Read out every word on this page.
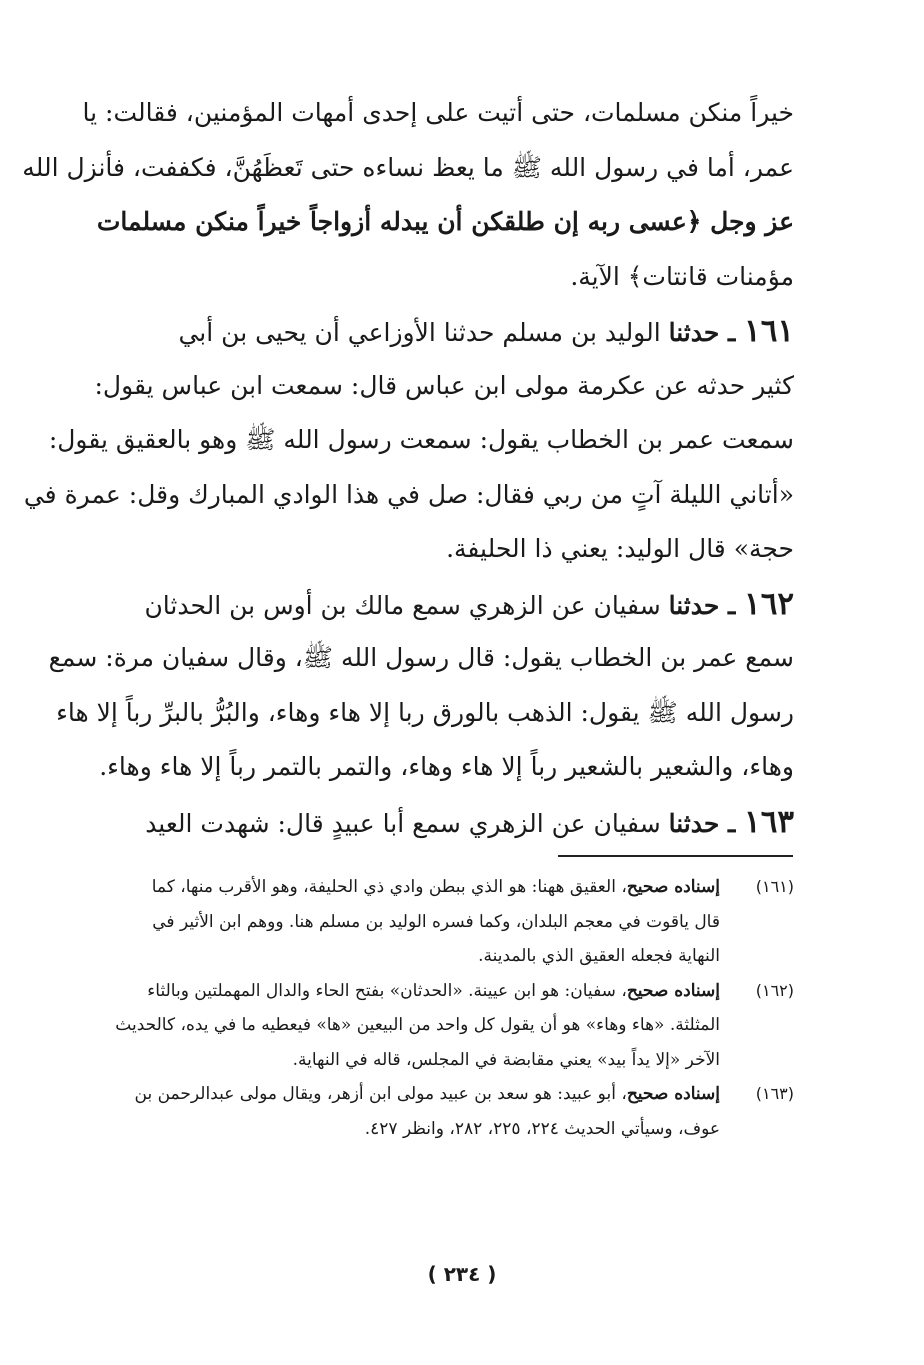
خيراً منكن مسلمات، حتى أتيت على إحدى أمهات المؤمنين، فقالت: يا
عمر، أما في رسول الله ﷺ ما يعظ نساءه حتى تَعظَهُنَّ، فكففت، فأنزل الله
عز وجل ﴿عسى ربه إن طلقكن أن يبدله أزواجاً خيراً منكن مسلمات
مؤمنات قانتات﴾ الآية.
١٦١ ـ حدثنا الوليد بن مسلم حدثنا الأوزاعي أن يحيى بن أبي
كثير حدثه عن عكرمة مولى ابن عباس قال: سمعت ابن عباس يقول:
سمعت عمر بن الخطاب يقول: سمعت رسول الله ﷺ وهو بالعقيق يقول:
«أتاني الليلة آتٍ من ربي فقال: صل في هذا الوادي المبارك وقل: عمرة في
حجة» قال الوليد: يعني ذا الحليفة.
١٦٢ ـ حدثنا سفيان عن الزهري سمع مالك بن أوس بن الحدثان
سمع عمر بن الخطاب يقول: قال رسول الله ﷺ، وقال سفيان مرة: سمع
رسول الله ﷺ يقول: الذهب بالورق ربا إلا هاء وهاء، والبُرُّ بالبرِّ رباً إلا هاء
وهاء، والشعير بالشعير رباً إلا هاء وهاء، والتمر بالتمر رباً إلا هاء وهاء.
١٦٣ ـ حدثنا سفيان عن الزهري سمع أبا عبيدٍ قال: شهدت العيد
(١٦١)
إسناده صحيح، العقيق ههنا: هو الذي ببطن وادي ذي الحليفة، وهو الأقرب منها، كما
قال ياقوت في معجم البلدان، وكما فسره الوليد بن مسلم هنا. ووهم ابن الأثير في
النهاية فجعله العقيق الذي بالمدينة.
(١٦٢)
إسناده صحيح، سفيان: هو ابن عيينة. «الحدثان» بفتح الحاء والدال المهملتين وبالثاء
المثلثة. «هاء وهاء» هو أن يقول كل واحد من البيعين «ها» فيعطيه ما في يده، كالحديث
الآخر «إلا يداً بيد» يعني مقابضة في المجلس، قاله في النهاية.
(١٦٣)
إسناده صحيح، أبو عبيد: هو سعد بن عبيد مولى ابن أزهر، ويقال مولى عبدالرحمن بن
عوف، وسيأتي الحديث ٢٢٤، ٢٢٥، ٢٨٢، وانظر ٤٢٧.
( ٢٣٤ )
